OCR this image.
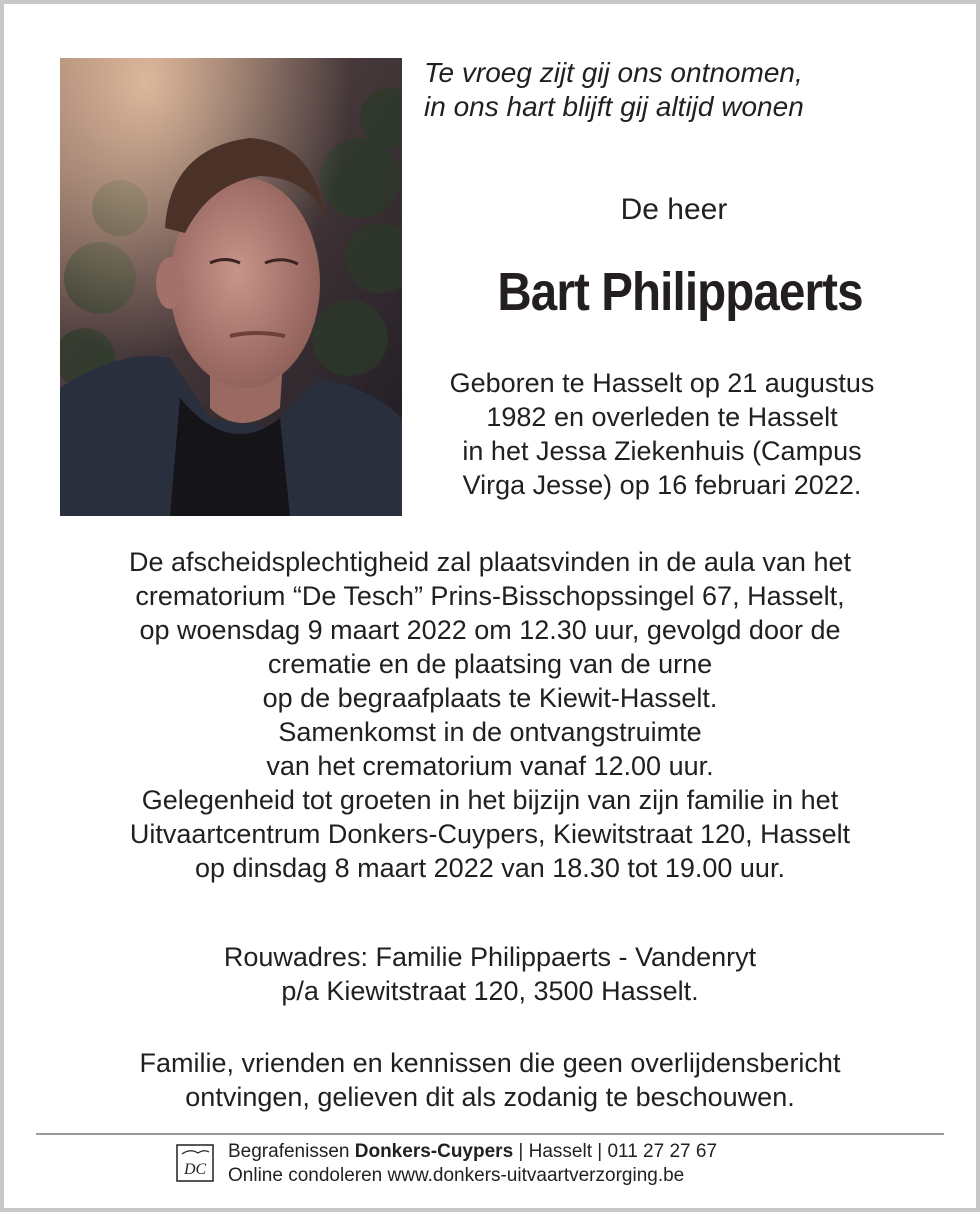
Te vroeg zijt gij ons ontnomen,
in ons hart blijft gij altijd wonen
De heer
Bart Philippaerts
Geboren te Hasselt op 21 augustus
1982 en overleden te Hasselt
in het Jessa Ziekenhuis (Campus
Virga Jesse) op 16 februari 2022.
De afscheidsplechtigheid zal plaatsvinden in de aula van het
crematorium “De Tesch” Prins-Bisschopssingel 67, Hasselt,
op woensdag 9 maart 2022 om 12.30 uur, gevolgd door de
crematie en de plaatsing van de urne
op de begraafplaats te Kiewit-Hasselt.
Samenkomst in de ontvangstruimte
van het crematorium vanaf 12.00 uur.
Gelegenheid tot groeten in het bijzijn van zijn familie in het
Uitvaartcentrum Donkers-Cuypers, Kiewitstraat 120, Hasselt
op dinsdag 8 maart 2022 van 18.30 tot 19.00 uur.
Rouwadres: Familie Philippaerts - Vandenryt
p/a Kiewitstraat 120, 3500 Hasselt.
Familie, vrienden en kennissen die geen overlijdensbericht
ontvingen, gelieven dit als zodanig te beschouwen.
DC
Begrafenissen Donkers-Cuypers | Hasselt | 011 27 27 67
Online condoleren www.donkers-uitvaartverzorging.be
